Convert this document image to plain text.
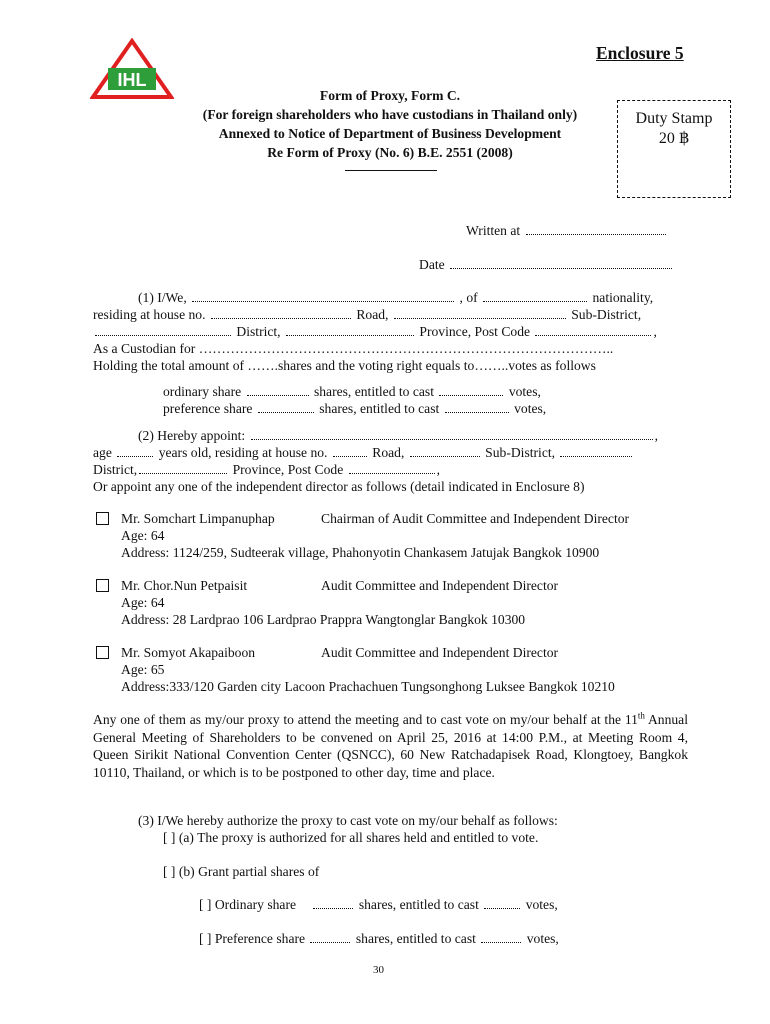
IHL
Enclosure 5
Form of Proxy, Form C.
(For foreign shareholders who have custodians in Thailand only)
Annexed to Notice of Department of Business Development
Re Form of Proxy (No. 6) B.E. 2551 (2008)
Duty Stamp
20 ฿
Written at
Date
(1) I/We,	, of	nationality,
residing at house no.	Road,	Sub-District,
District,	Province, Post Code	,
As a Custodian for ………………………………………………………………………………..
Holding the total amount of …….shares and the voting right equals to……..votes as follows
ordinary share	shares, entitled to cast	votes,
preference share	shares, entitled to cast	votes,
(2) Hereby appoint:	,
age	years old, residing at house no.	Road,	Sub-District,
District,	Province, Post Code	,
Or appoint any one of the independent director as follows (detail indicated in Enclosure 8)
Mr. Somchart Limpanuphap	Chairman of Audit Committee and Independent Director
Age: 64
Address: 1124/259, Sudteerak village, Phahonyotin Chankasem Jatujak Bangkok 10900
Mr. Chor.Nun Petpaisit	Audit Committee and Independent Director
Age: 64
Address: 28 Lardprao 106 Lardprao Prappra Wangtonglar Bangkok 10300
Mr. Somyot Akapaiboon	Audit Committee and Independent Director
Age: 65
Address:333/120 Garden city Lacoon Prachachuen Tungsonghong Luksee Bangkok 10210
Any one of them as my/our proxy to attend the meeting and to cast vote on my/our behalf at the 11th Annual General Meeting of Shareholders to be convened on April 25, 2016 at 14:00 P.M., at Meeting Room 4, Queen Sirikit National Convention Center (QSNCC), 60 New Ratchadapisek Road, Klongtoey, Bangkok 10110, Thailand, or which is to be postponed to other day, time and place.
(3) I/We hereby authorize the proxy to cast vote on my/our behalf as follows:
[ ] (a) The proxy is authorized for all shares held and entitled to vote.
[ ] (b) Grant partial shares of
[ ] Ordinary share	shares, entitled to cast	votes,
[ ] Preference share	shares, entitled to cast	votes,
30
